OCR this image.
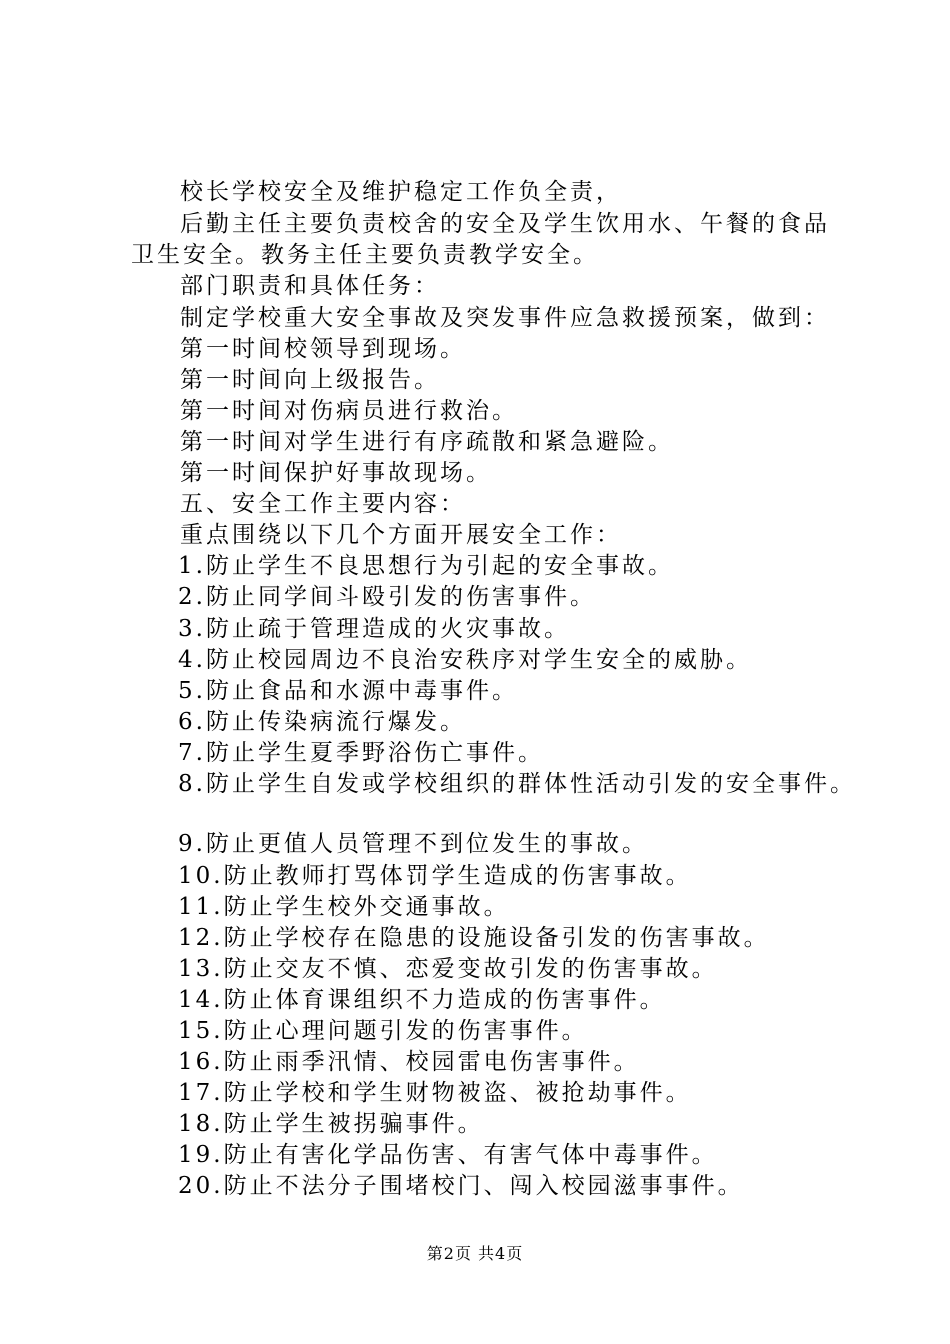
校长学校安全及维护稳定工作负全责，
后勤主任主要负责校舍的安全及学生饮用水、午餐的食品
卫生安全。教务主任主要负责教学安全。
部门职责和具体任务：
制定学校重大安全事故及突发事件应急救援预案，做到：
第一时间校领导到现场。
第一时间向上级报告。
第一时间对伤病员进行救治。
第一时间对学生进行有序疏散和紧急避险。
第一时间保护好事故现场。
五、安全工作主要内容：
重点围绕以下几个方面开展安全工作：
1.防止学生不良思想行为引起的安全事故。
2.防止同学间斗殴引发的伤害事件。
3.防止疏于管理造成的火灾事故。
4.防止校园周边不良治安秩序对学生安全的威胁。
5.防止食品和水源中毒事件。
6.防止传染病流行爆发。
7.防止学生夏季野浴伤亡事件。
8.防止学生自发或学校组织的群体性活动引发的安全事件。
9.防止更值人员管理不到位发生的事故。
10.防止教师打骂体罚学生造成的伤害事故。
11.防止学生校外交通事故。
12.防止学校存在隐患的设施设备引发的伤害事故。
13.防止交友不慎、恋爱变故引发的伤害事故。
14.防止体育课组织不力造成的伤害事件。
15.防止心理问题引发的伤害事件。
16.防止雨季汛情、校园雷电伤害事件。
17.防止学校和学生财物被盗、被抢劫事件。
18.防止学生被拐骗事件。
19.防止有害化学品伤害、有害气体中毒事件。
20.防止不法分子围堵校门、闯入校园滋事事件。
第2页 共4页
